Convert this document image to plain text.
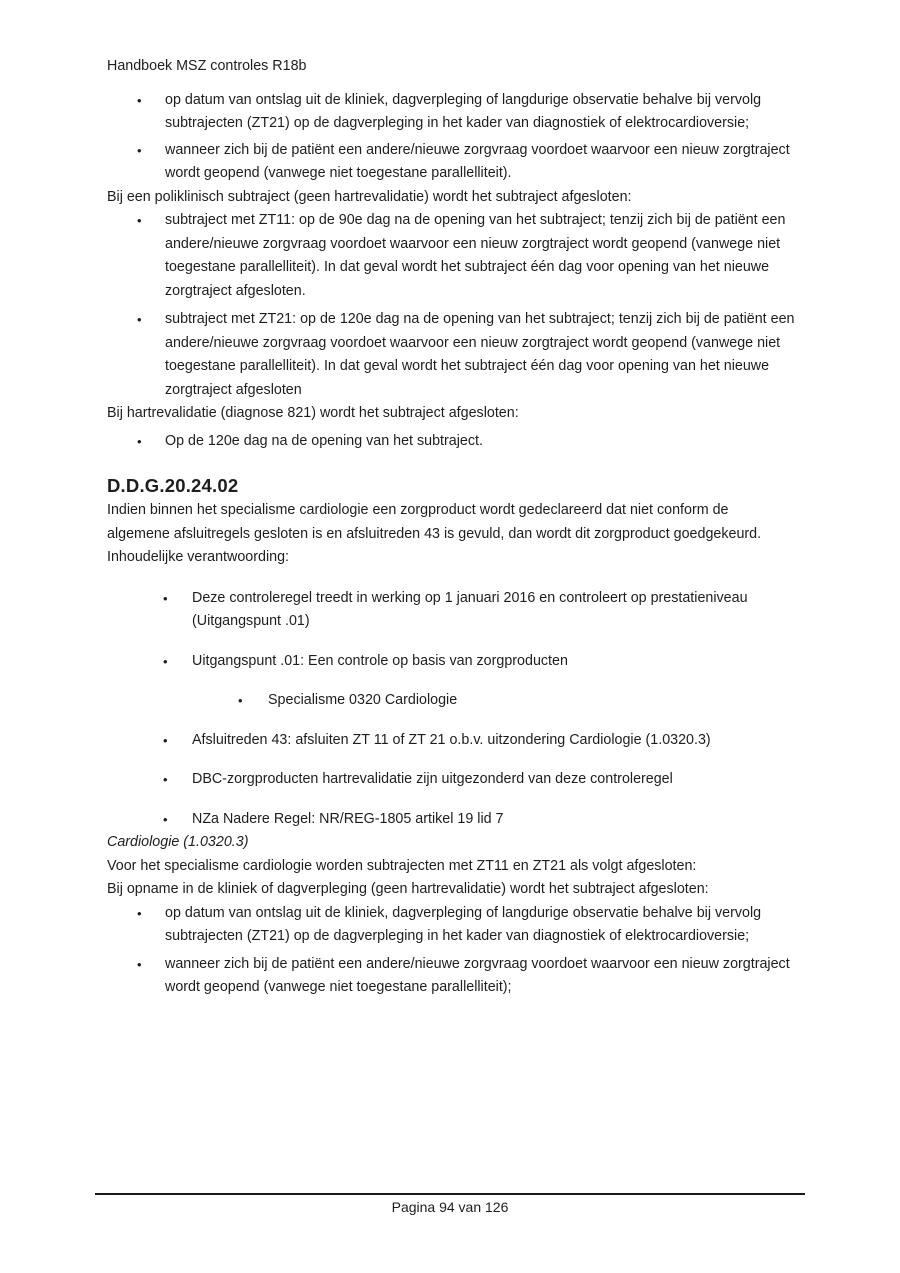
Handboek MSZ controles R18b
•	op datum van ontslag uit de kliniek, dagverpleging of langdurige observatie behalve bij vervolg subtrajecten (ZT21) op de dagverpleging in het kader van diagnostiek of elektrocardioversie;
•	wanneer zich bij de patiënt een andere/nieuwe zorgvraag voordoet waarvoor een nieuw zorgtraject wordt geopend (vanwege niet toegestane parallelliteit).

Bij een poliklinisch subtraject (geen hartrevalidatie) wordt het subtraject afgesloten:

•	subtraject met ZT11: op de 90e dag na de opening van het subtraject; tenzij zich bij de patiënt een andere/nieuwe zorgvraag voordoet waarvoor een nieuw zorgtraject wordt geopend (vanwege niet toegestane parallelliteit). In dat geval wordt het subtraject één dag voor opening van het nieuwe zorgtraject afgesloten.
•	subtraject met ZT21: op de 120e dag na de opening van het subtraject; tenzij zich bij de patiënt een andere/nieuwe zorgvraag voordoet waarvoor een nieuw zorgtraject wordt geopend (vanwege niet toegestane parallelliteit). In dat geval wordt het subtraject één dag voor opening van het nieuwe zorgtraject afgesloten

Bij hartrevalidatie (diagnose 821) wordt het subtraject afgesloten:

•	Op de 120e dag na de opening van het subtraject.
D.D.G.20.24.02

Indien binnen het specialisme cardiologie een zorgproduct wordt gedeclareerd dat niet conform de algemene afsluitregels gesloten is en afsluitreden 43 is gevuld, dan wordt dit zorgproduct goedgekeurd.

Inhoudelijke verantwoording:

•	Deze controleregel treedt in werking op 1 januari 2016 en controleert op prestatieniveau (Uitgangspunt .01)
•	Uitgangspunt .01: Een controle op basis van zorgproducten
•	Specialisme 0320 Cardiologie
•	Afsluitreden 43: afsluiten ZT 11 of ZT 21 o.b.v. uitzondering Cardiologie (1.0320.3)
•	DBC-zorgproducten hartrevalidatie zijn uitgezonderd van deze controleregel
•	NZa Nadere Regel: NR/REG-1805 artikel 19 lid 7

Cardiologie (1.0320.3)

Voor het specialisme cardiologie worden subtrajecten met ZT11 en ZT21 als volgt afgesloten:

Bij opname in de kliniek of dagverpleging (geen hartrevalidatie) wordt het subtraject afgesloten:

•	op datum van ontslag uit de kliniek, dagverpleging of langdurige observatie behalve bij vervolg subtrajecten (ZT21) op de dagverpleging in het kader van diagnostiek of elektrocardioversie;
•	wanneer zich bij de patiënt een andere/nieuwe zorgvraag voordoet waarvoor een nieuw zorgtraject wordt geopend (vanwege niet toegestane parallelliteit);
Pagina 94 van 126
